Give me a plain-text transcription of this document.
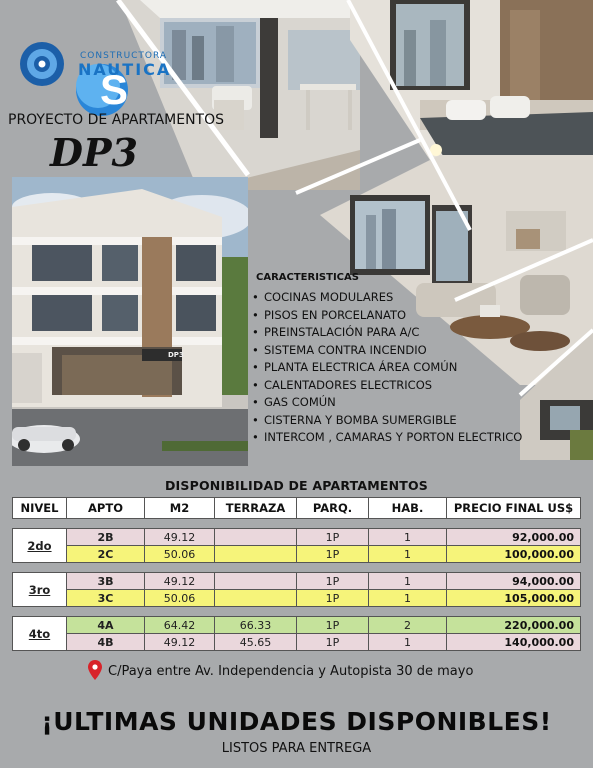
S
CONSTRUCTORA
NAUTICA
PROYECTO DE APARTAMENTOS
DP3
DP3
CARACTERISTICAS
• COCINAS MODULARES
• PISOS EN PORCELANATO
• PREINSTALACIÓN PARA A/C
• SISTEMA CONTRA INCENDIO
• PLANTA ELECTRICA ÁREA COMÚN
• CALENTADORES ELECTRICOS
• GAS COMÚN
• CISTERNA Y BOMBA SUMERGIBLE
• INTERCOM , CAMARAS Y PORTON ELECTRICO
DISPONIBILIDAD DE APARTAMENTOS
NIVEL	APTO	M2	TERRAZA	PARQ.	HAB.	PRECIO FINAL US$

2do	2B	49.12		1P	1	92,000.00
	2C	50.06		1P	1	100,000.00

3ro	3B	49.12		1P	1	94,000.00
	3C	50.06		1P	1	105,000.00

4to	4A	64.42	66.33	1P	2	220,000.00
	4B	49.12	45.65	1P	1	140,000.00
C/Paya entre Av. Independencia y Autopista 30 de mayo
¡ULTIMAS UNIDADES DISPONIBLES!
LISTOS PARA ENTREGA
